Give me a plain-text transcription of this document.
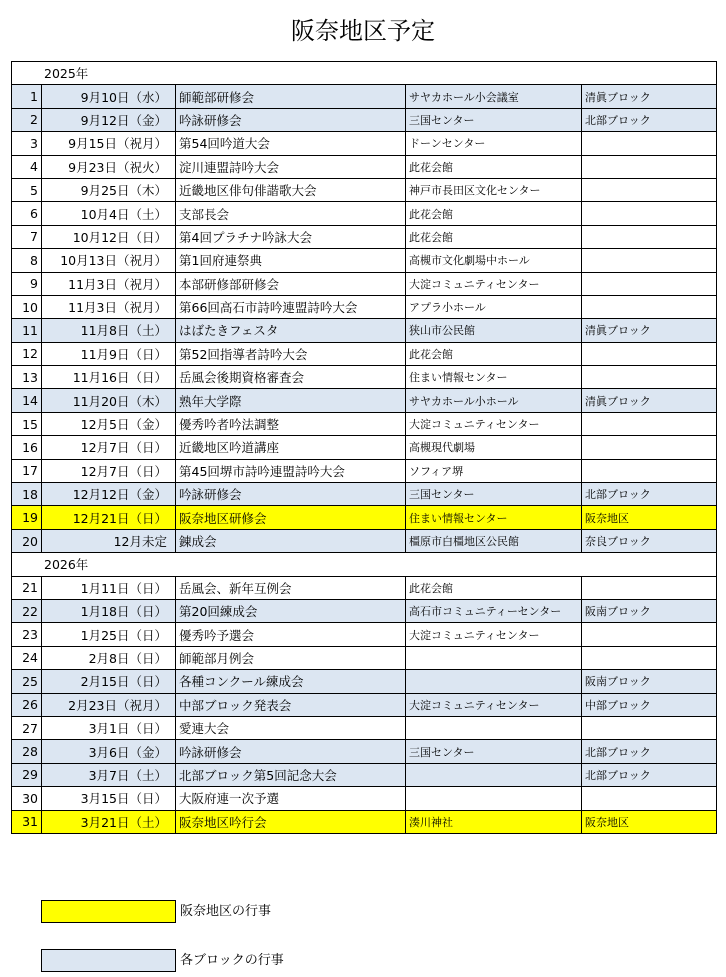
阪奈地区予定
2025年				
1	9月10日（水）	師範部研修会	サヤカホール小会議室	清眞ブロック
2	9月12日（金）	吟詠研修会	三国センター	北部ブロック
3	9月15日（祝月）	第54回吟道大会	ドーンセンター	
4	9月23日（祝火）	淀川連盟詩吟大会	此花会館	
5	9月25日（木）	近畿地区俳句俳諧歌大会	神戸市長田区文化センター	
6	10月4日（土）	支部長会	此花会館	
7	10月12日（日）	第4回プラチナ吟詠大会	此花会館	
8	10月13日（祝月）	第1回府連祭典	高槻市文化劇場中ホール	
9	11月3日（祝月）	本部研修部研修会	大淀コミュニティセンター	
10	11月3日（祝月）	第66回高石市詩吟連盟詩吟大会	アプラ小ホール	
11	11月8日（土）	はばたきフェスタ	狭山市公民館	清眞ブロック
12	11月9日（日）	第52回指導者詩吟大会	此花会館	
13	11月16日（日）	岳風会後期資格審査会	住まい情報センター	
14	11月20日（木）	熟年大学際	サヤカホール小ホール	清眞ブロック
15	12月5日（金）	優秀吟者吟法調整	大淀コミュニティセンター	
16	12月7日（日）	近畿地区吟道講座	高槻現代劇場	
17	12月7日（日）	第45回堺市詩吟連盟詩吟大会	ソフィア堺	
18	12月12日（金）	吟詠研修会	三国センター	北部ブロック
19	12月21日（日）	阪奈地区研修会	住まい情報センター	阪奈地区
20	12月未定	錬成会	橿原市白橿地区公民館	奈良ブロック
2026年				
21	1月11日（日）	岳風会、新年互例会	此花会館	
22	1月18日（日）	第20回練成会	高石市コミュニティーセンター	阪南ブロック
23	1月25日（日）	優秀吟予選会	大淀コミュニティセンター	
24	2月8日（日）	師範部月例会		
25	2月15日（日）	各種コンクール練成会		阪南ブロック
26	2月23日（祝月）	中部ブロック発表会	大淀コミュニティセンター	中部ブロック
27	3月1日（日）	愛連大会		
28	3月6日（金）	吟詠研修会	三国センター	北部ブロック
29	3月7日（土）	北部ブロック第5回記念大会		北部ブロック
30	3月15日（日）	大阪府連一次予選		
31	3月21日（土）	阪奈地区吟行会	湊川神社	阪奈地区
阪奈地区の行事
各ブロックの行事
